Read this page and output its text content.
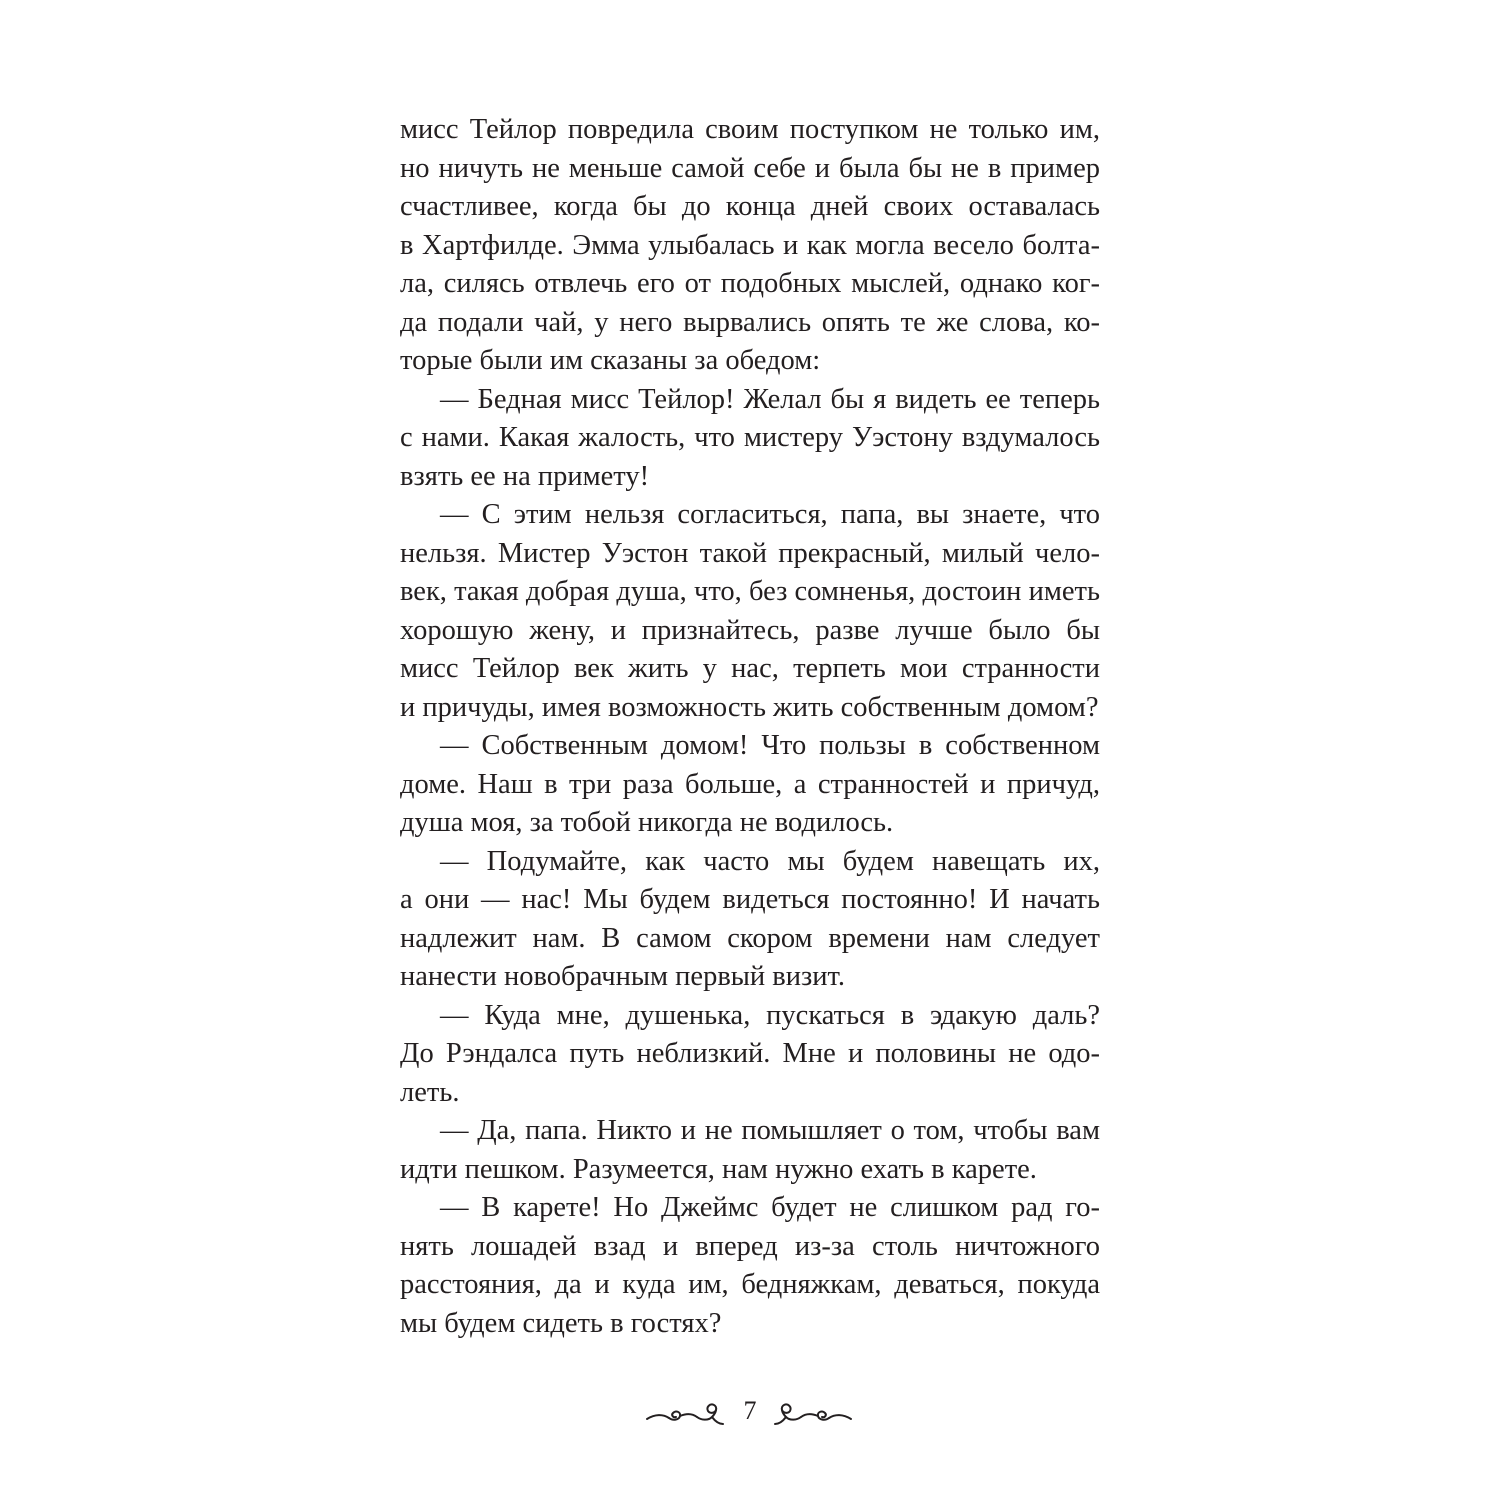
мисс Тейлор повредила своим поступком не только им,
но ничуть не меньше самой себе и была бы не в пример
счастливее, когда бы до конца дней своих оставалась
в Хартфилде. Эмма улыбалась и как могла весело болта-
ла, силясь отвлечь его от подобных мыслей, однако ког-
да подали чай, у него вырвались опять те же слова, ко-
торые были им сказаны за обедом:
— Бедная мисс Тейлор! Желал бы я видеть ее теперь
с нами. Какая жалость, что мистеру Уэстону вздумалось
взять ее на примету!
— С этим нельзя согласиться, папа, вы знаете, что
нельзя. Мистер Уэстон такой прекрасный, милый чело-
век, такая добрая душа, что, без сомненья, достоин иметь
хорошую жену, и признайтесь, разве лучше было бы
мисс Тейлор век жить у нас, терпеть мои странности
и причуды, имея возможность жить собственным домом?
— Собственным домом! Что пользы в собственном
доме. Наш в три раза больше, а странностей и причуд,
душа моя, за тобой никогда не водилось.
— Подумайте, как часто мы будем навещать их,
а они — нас! Мы будем видеться постоянно! И начать
надлежит нам. В самом скором времени нам следует
нанести новобрачным первый визит.
— Куда мне, душенька, пускаться в эдакую даль?
До Рэндалса путь неблизкий. Мне и половины не одо-
леть.
— Да, папа. Никто и не помышляет о том, чтобы вам
идти пешком. Разумеется, нам нужно ехать в карете.
— В карете! Но Джеймс будет не слишком рад го-
нять лошадей взад и вперед из-за столь ничтожного
расстояния, да и куда им, бедняжкам, деваться, покуда
мы будем сидеть в гостях?
7
